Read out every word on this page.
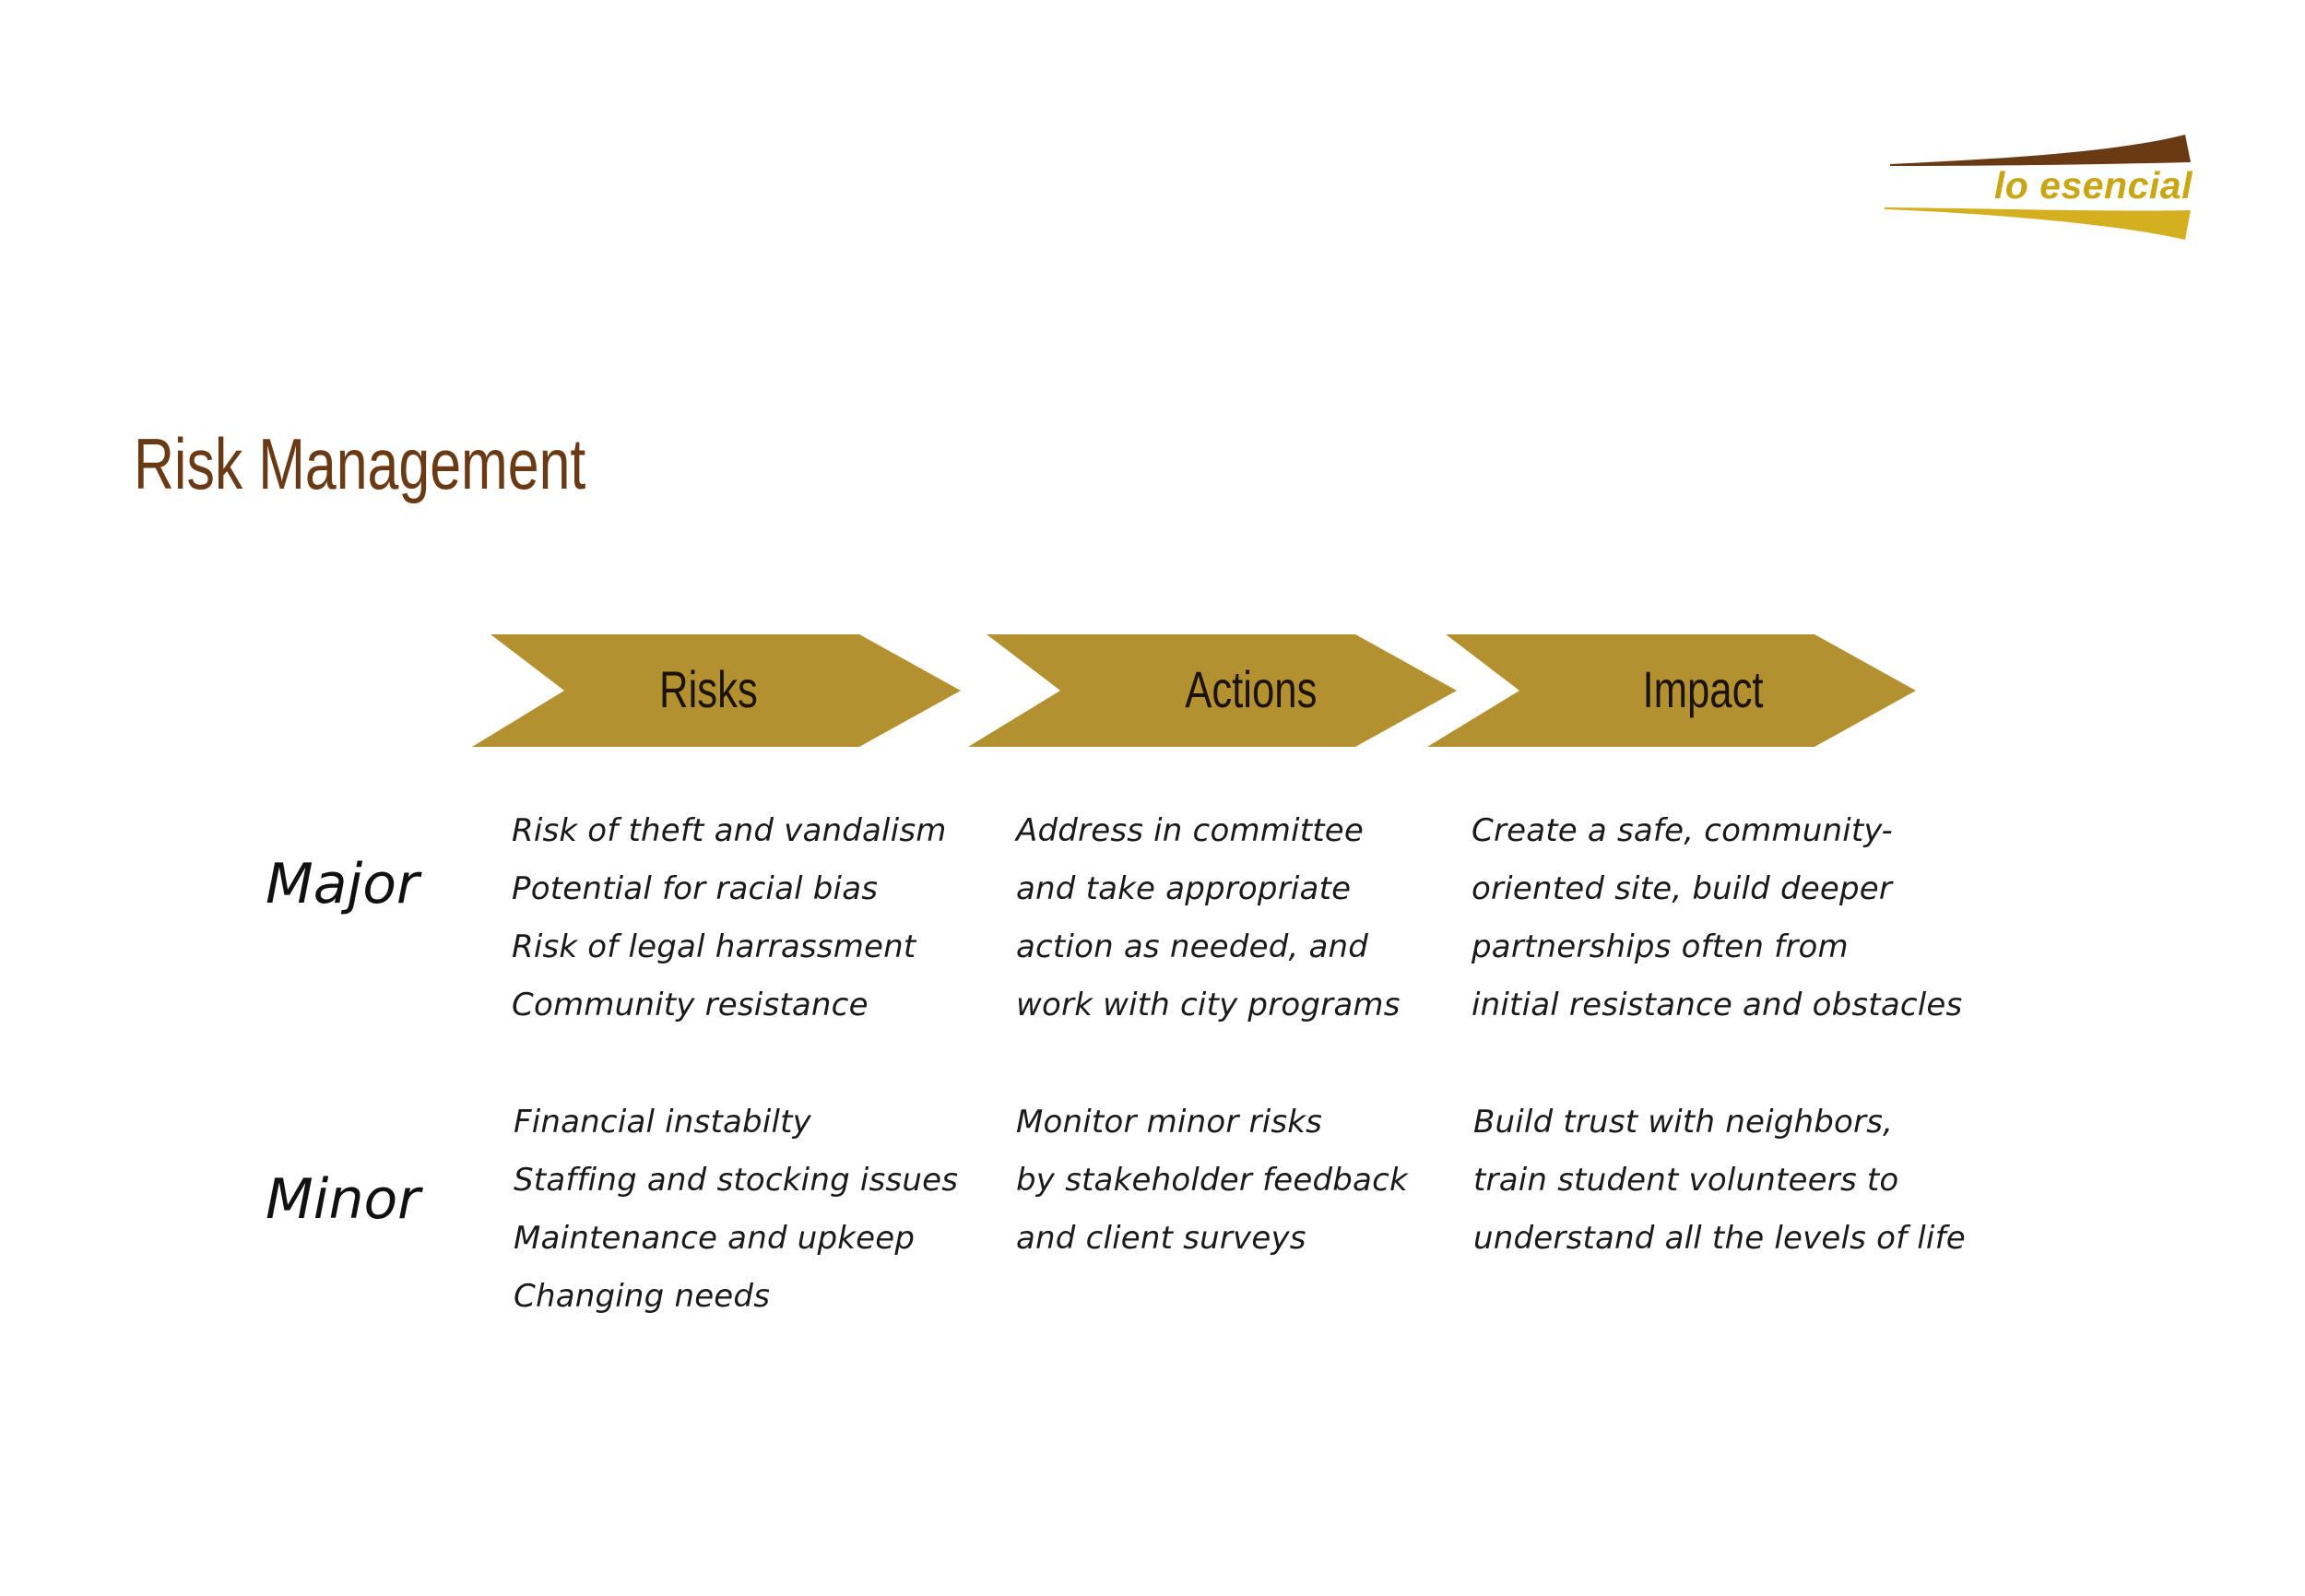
lo esencial
Risk Management
Risks	Actions	Impact
Major
Minor
Risk of theft and vandalism
Potential for racial bias
Risk of legal harrassment
Community resistance
Address in committee
and take appropriate
action as needed, and
work with city programs
Create a safe, community-
oriented site, build deeper
partnerships often from
initial resistance and obstacles
Financial instabilty
Staffing and stocking issues
Maintenance and upkeep
Changing needs
Monitor minor risks
by stakeholder feedback
and client surveys
Build trust with neighbors,
train student volunteers to
understand all the levels of life
